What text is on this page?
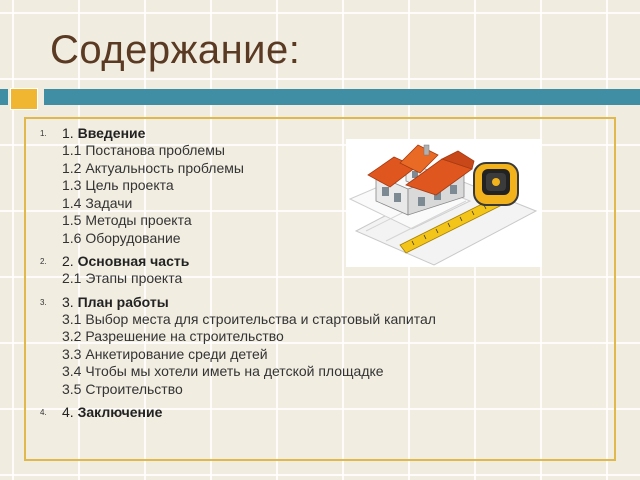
Содержание:
1. 1. Введение
1.1 Постанова проблемы
1.2 Актуальность проблемы
1.3 Цель проекта
1.4 Задачи
1.5 Методы проекта
1.6 Оборудование
2. 2. Основная часть
2.1 Этапы проекта
3. 3. План работы
3.1 Выбор места для строительства и стартовый капитал
3.2 Разрешение на строительство
3.3 Анкетирование среди детей
3.4 Чтобы мы хотели иметь на детской площадке
3.5 Строительство
4. 4. Заключение
